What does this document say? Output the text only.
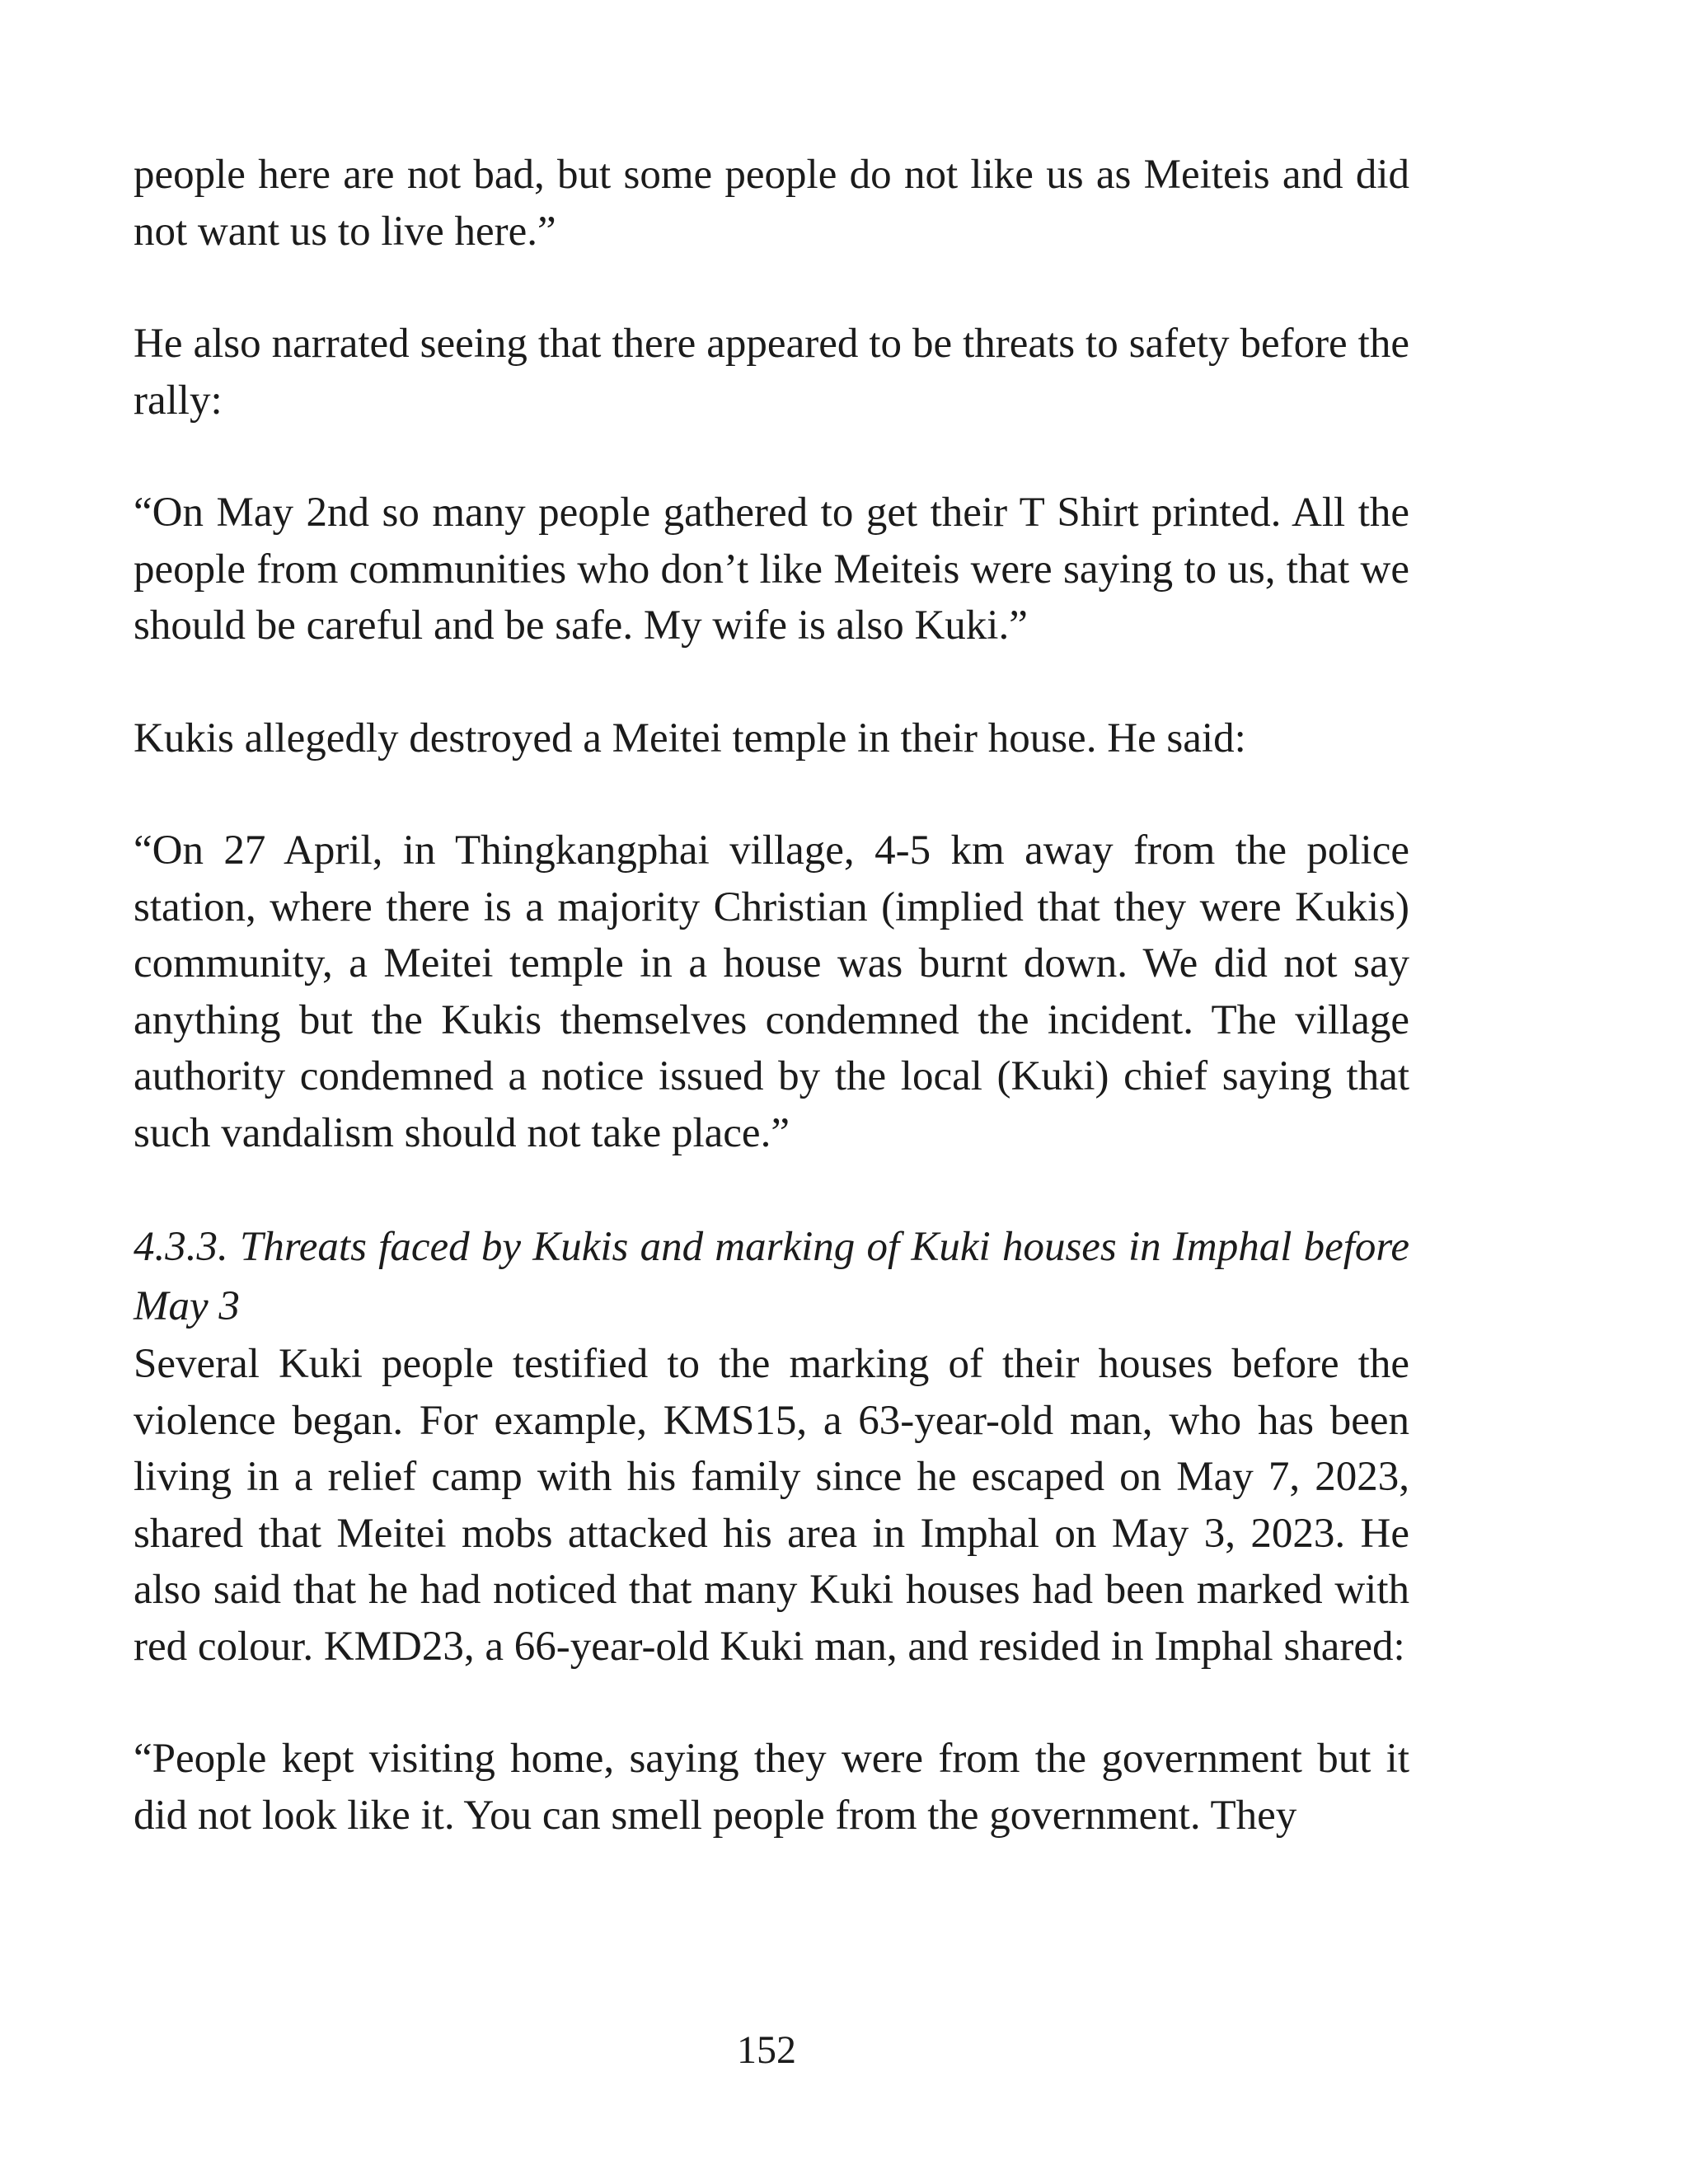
people here are not bad, but some people do not like us as Meiteis and did not want us to live here.”

He also narrated seeing that there appeared to be threats to safety before the rally:

“On May 2nd so many people gathered to get their T Shirt printed. All the people from communities who don’t like Meiteis were saying to us, that we should be careful and be safe. My wife is also Kuki.”

Kukis allegedly destroyed a Meitei temple in their house. He said:

“On 27 April, in Thingkangphai village, 4-5 km away from the police station, where there is a majority Christian (implied that they were Kukis) community, a Meitei temple in a house was burnt down. We did not say anything but the Kukis themselves condemned the incident. The village authority condemned a notice issued by the local (Kuki) chief saying that such vandalism should not take place.”

4.3.3. Threats faced by Kukis and marking of Kuki houses in Imphal before May 3

Several Kuki people testified to the marking of their houses before the violence began. For example, KMS15, a 63-year-old man, who has been living in a relief camp with his family since he escaped on May 7, 2023, shared that Meitei mobs attacked his area in Imphal on May 3, 2023. He also said that he had noticed that many Kuki houses had been marked with red colour. KMD23, a 66-year-old Kuki man, and resided in Imphal shared:

“People kept visiting home, saying they were from the government but it did not look like it. You can smell people from the government. They

152
